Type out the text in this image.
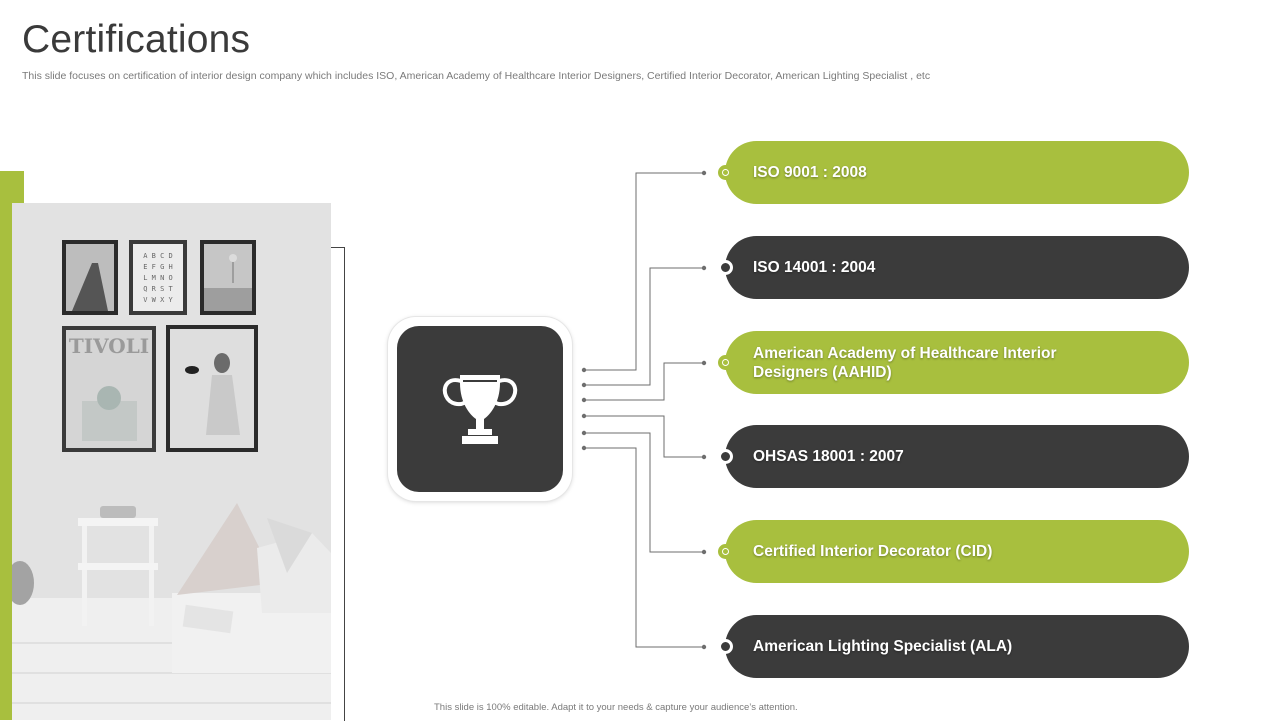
Certifications
This slide focuses on certification of interior design company which includes ISO, American Academy of Healthcare Interior Designers, Certified Interior Decorator, American Lighting Specialist , etc
A B C D
E F G H
L M N O
Q R S T
V W X Y
TIVOLI
ISO 9001 : 2008
ISO 14001 : 2004
American Academy of Healthcare Interior Designers (AAHID)
OHSAS 18001 : 2007
Certified Interior Decorator (CID)
American Lighting Specialist (ALA)
This slide is 100% editable. Adapt it to your needs & capture your audience’s attention.
